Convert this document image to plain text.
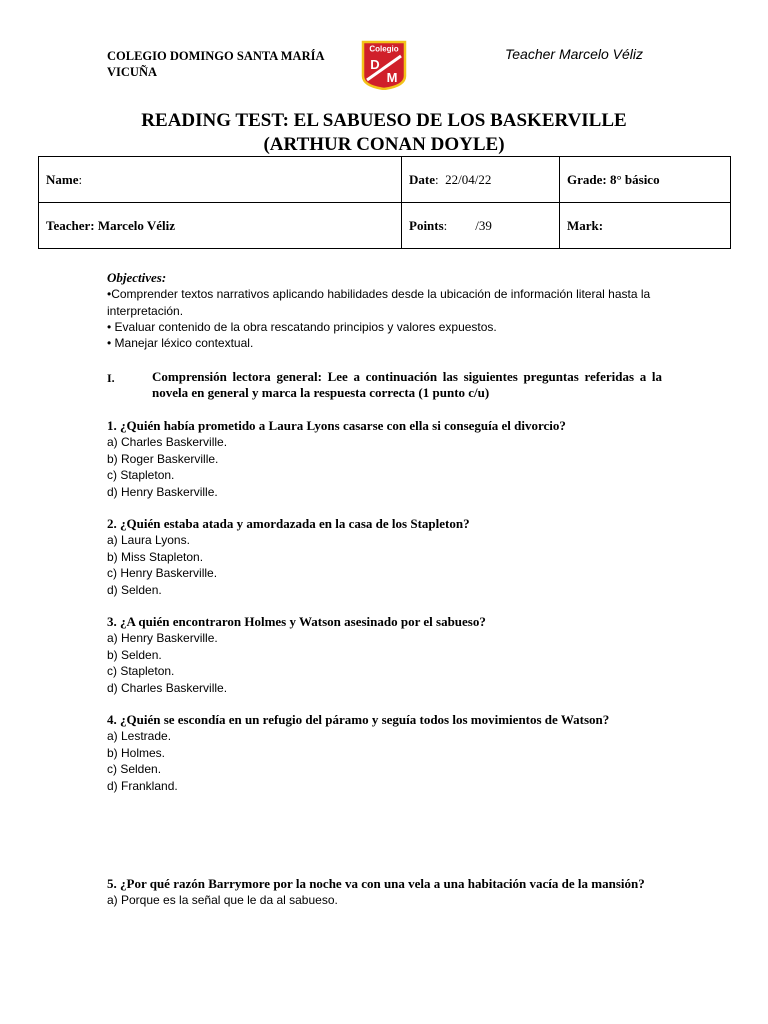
COLEGIO DOMINGO SANTA MARÍA
VICUÑA
Colegio
D
M
Teacher Marcelo Véliz
READING TEST: EL SABUESO DE LOS BASKERVILLE
(ARTHUR CONAN DOYLE)
Name:	Date:  22/04/22	Grade: 8° básico
Teacher: Marcelo Véliz	Points: /39	Mark:
Objectives:
•Comprender textos narrativos aplicando habilidades desde la ubicación de información literal hasta la interpretación.
• Evaluar contenido de la obra rescatando principios y valores expuestos.
• Manejar léxico contextual.
I.	Comprensión lectora general: Lee a continuación las siguientes preguntas referidas a la novela en general y marca la respuesta correcta (1 punto c/u)
1. ¿Quién había prometido a Laura Lyons casarse con ella si conseguía el divorcio?
a) Charles Baskerville.
b) Roger Baskerville.
c) Stapleton.
d) Henry Baskerville.
2. ¿Quién estaba atada y amordazada en la casa de los Stapleton?
a) Laura Lyons.
b) Miss Stapleton.
c) Henry Baskerville.
d) Selden.
3. ¿A quién encontraron Holmes y Watson asesinado por el sabueso?
a) Henry Baskerville.
b) Selden.
c) Stapleton.
d) Charles Baskerville.
4. ¿Quién se escondía en un refugio del páramo y seguía todos los movimientos de Watson?
a) Lestrade.
b) Holmes.
c) Selden.
d) Frankland.
5. ¿Por qué razón Barrymore por la noche va con una vela a una habitación vacía de la mansión?
a) Porque es la señal que le da al sabueso.
